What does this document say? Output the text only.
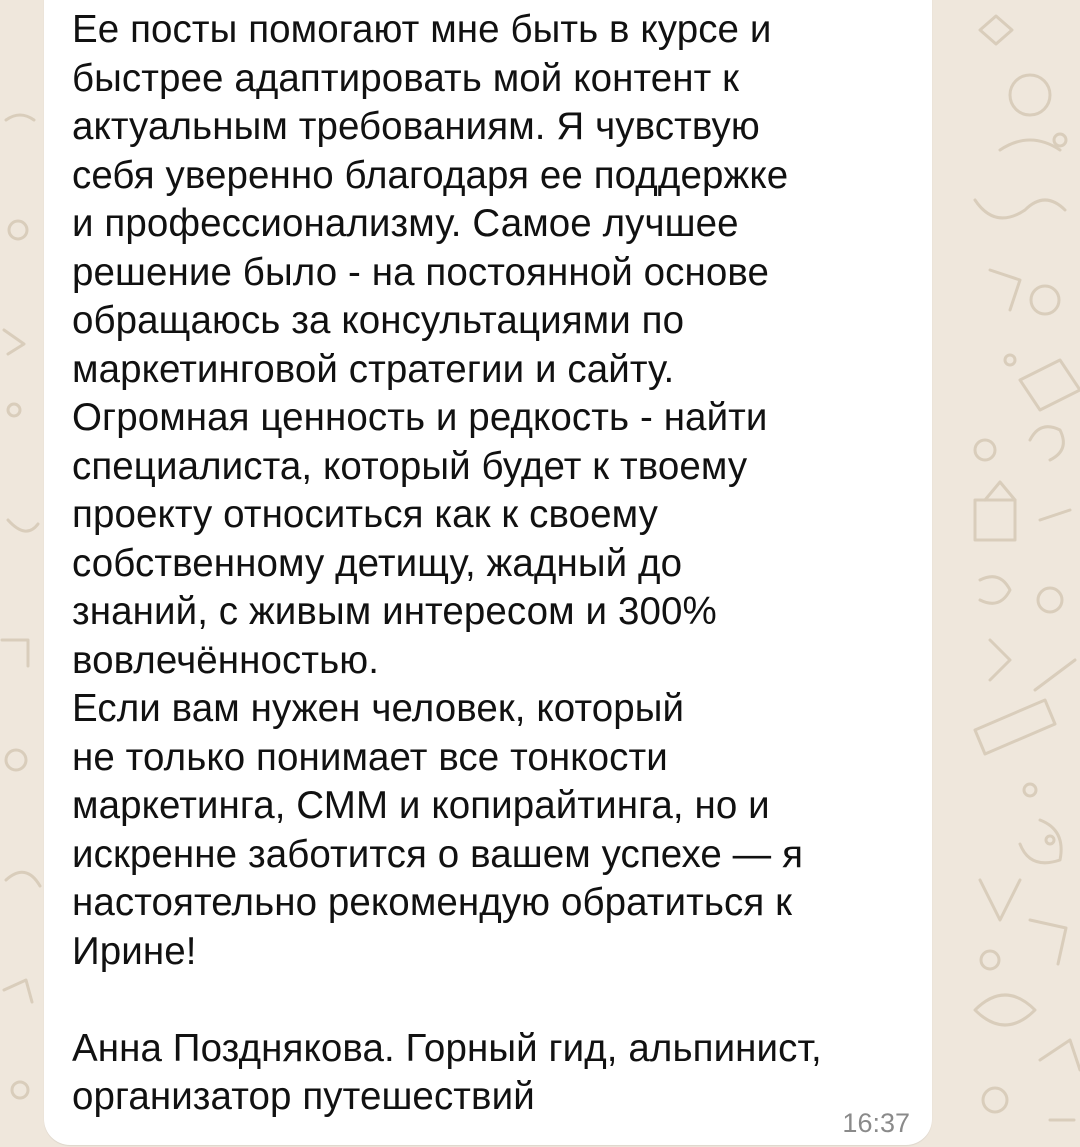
Ее посты помогают мне быть в курсе и
быстрее адаптировать мой контент к
актуальным требованиям. Я чувствую
себя уверенно благодаря ее поддержке
и профессионализму. Самое лучшее
решение было - на постоянной основе
обращаюсь за консультациями по
маркетинговой стратегии и сайту.
Огромная ценность и редкость - найти
специалиста, который будет к твоему
проекту относиться как к своему
собственному детищу, жадный до
знаний, с живым интересом и 300%
вовлечённостью.
Если вам нужен человек, который
не только понимает все тонкости
маркетинга, СММ и копирайтинга, но и
искренне заботится о вашем успехе — я
настоятельно рекомендую обратиться к
Ирине!
Анна Позднякова. Горный гид, альпинист,
организатор путешествий
16:37
